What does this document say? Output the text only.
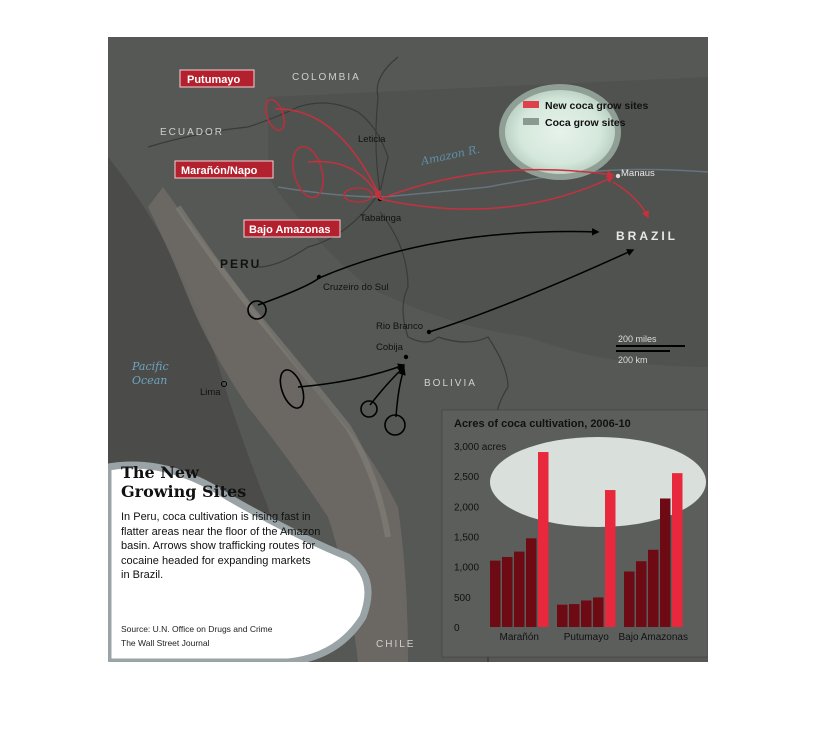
New coca grow sites
Coca grow sites
COLOMBIA
ECUADOR
BOLIVIA
CHILE
PERU
BRAZIL
Amazon R.
Pacific
Ocean
Leticia
Tabatinga
Cruzeiro do Sul
Rio Branco
Cobija
Lima
Manaus
Putumayo
Marañón/Napo
Bajo Amazonas
200 miles
200 km
Acres of coca cultivation, 2006-10
0
500
1,000
1,500
2,000
2,500
3,000 acres
Marañón Putumayo Bajo Amazonas
The New
Growing Sites
In Peru, coca cultivation is rising fast in flatter areas near the floor of the Amazon basin. Arrows show trafficking routes for cocaine headed for expanding markets in Brazil.
Source: U.N. Office on Drugs and Crime
The Wall Street Journal
